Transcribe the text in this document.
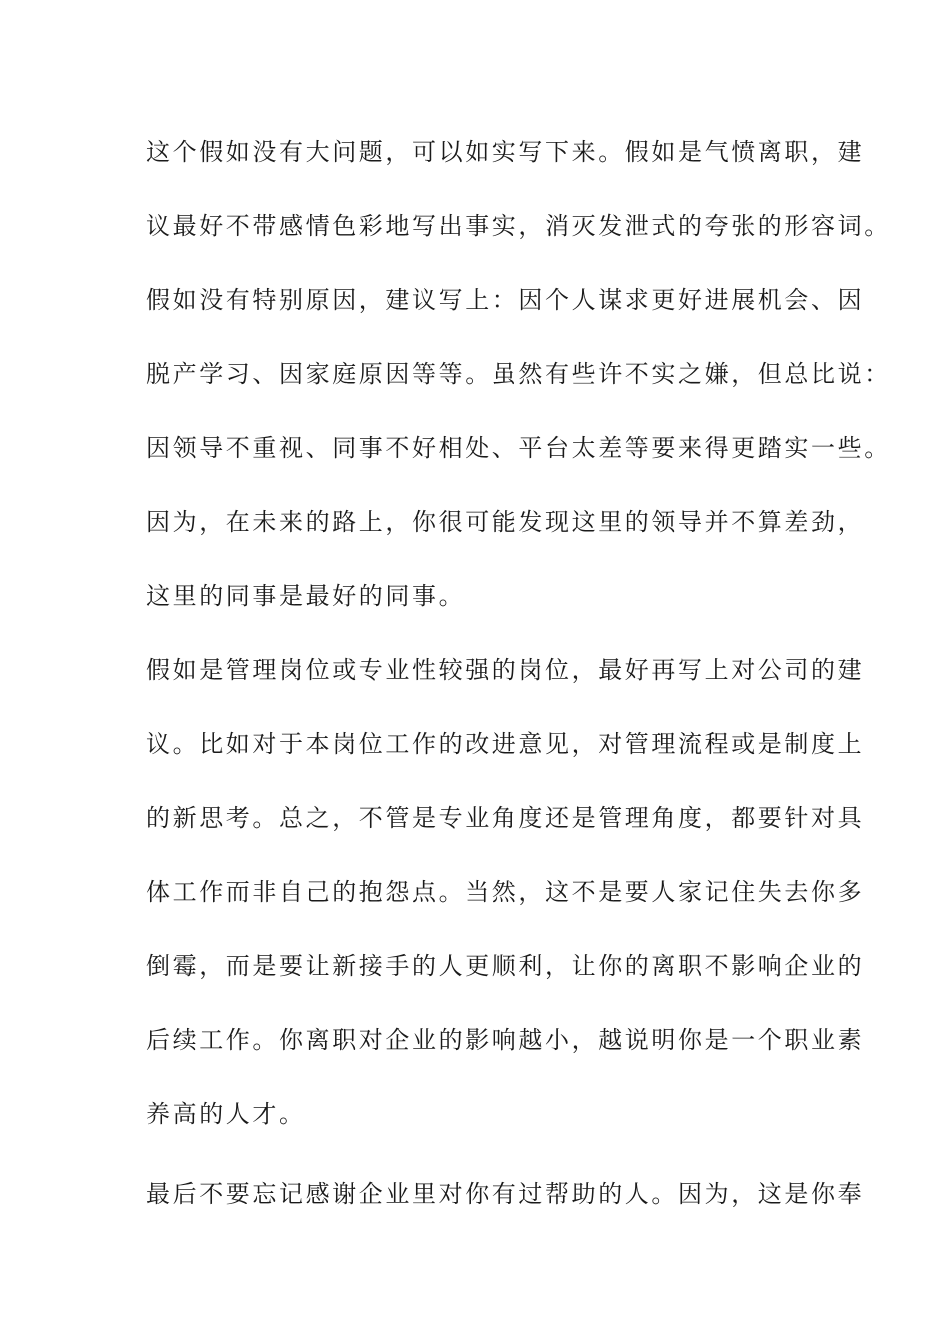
这个假如没有大问题，可以如实写下来。假如是气愤离职，建

议最好不带感情色彩地写出事实，消灭发泄式的夸张的形容词。

假如没有特别原因，建议写上：因个人谋求更好进展机会、因

脱产学习、因家庭原因等等。虽然有些许不实之嫌，但总比说：

因领导不重视、同事不好相处、平台太差等要来得更踏实一些。

因为，在未来的路上，你很可能发现这里的领导并不算差劲，

这里的同事是最好的同事。

假如是管理岗位或专业性较强的岗位，最好再写上对公司的建

议。比如对于本岗位工作的改进意见，对管理流程或是制度上

的新思考。总之，不管是专业角度还是管理角度，都要针对具

体工作而非自己的抱怨点。当然，这不是要人家记住失去你多

倒霉，而是要让新接手的人更顺利，让你的离职不影响企业的

后续工作。你离职对企业的影响越小，越说明你是一个职业素

养高的人才。

最后不要忘记感谢企业里对你有过帮助的人。因为，这是你奉
